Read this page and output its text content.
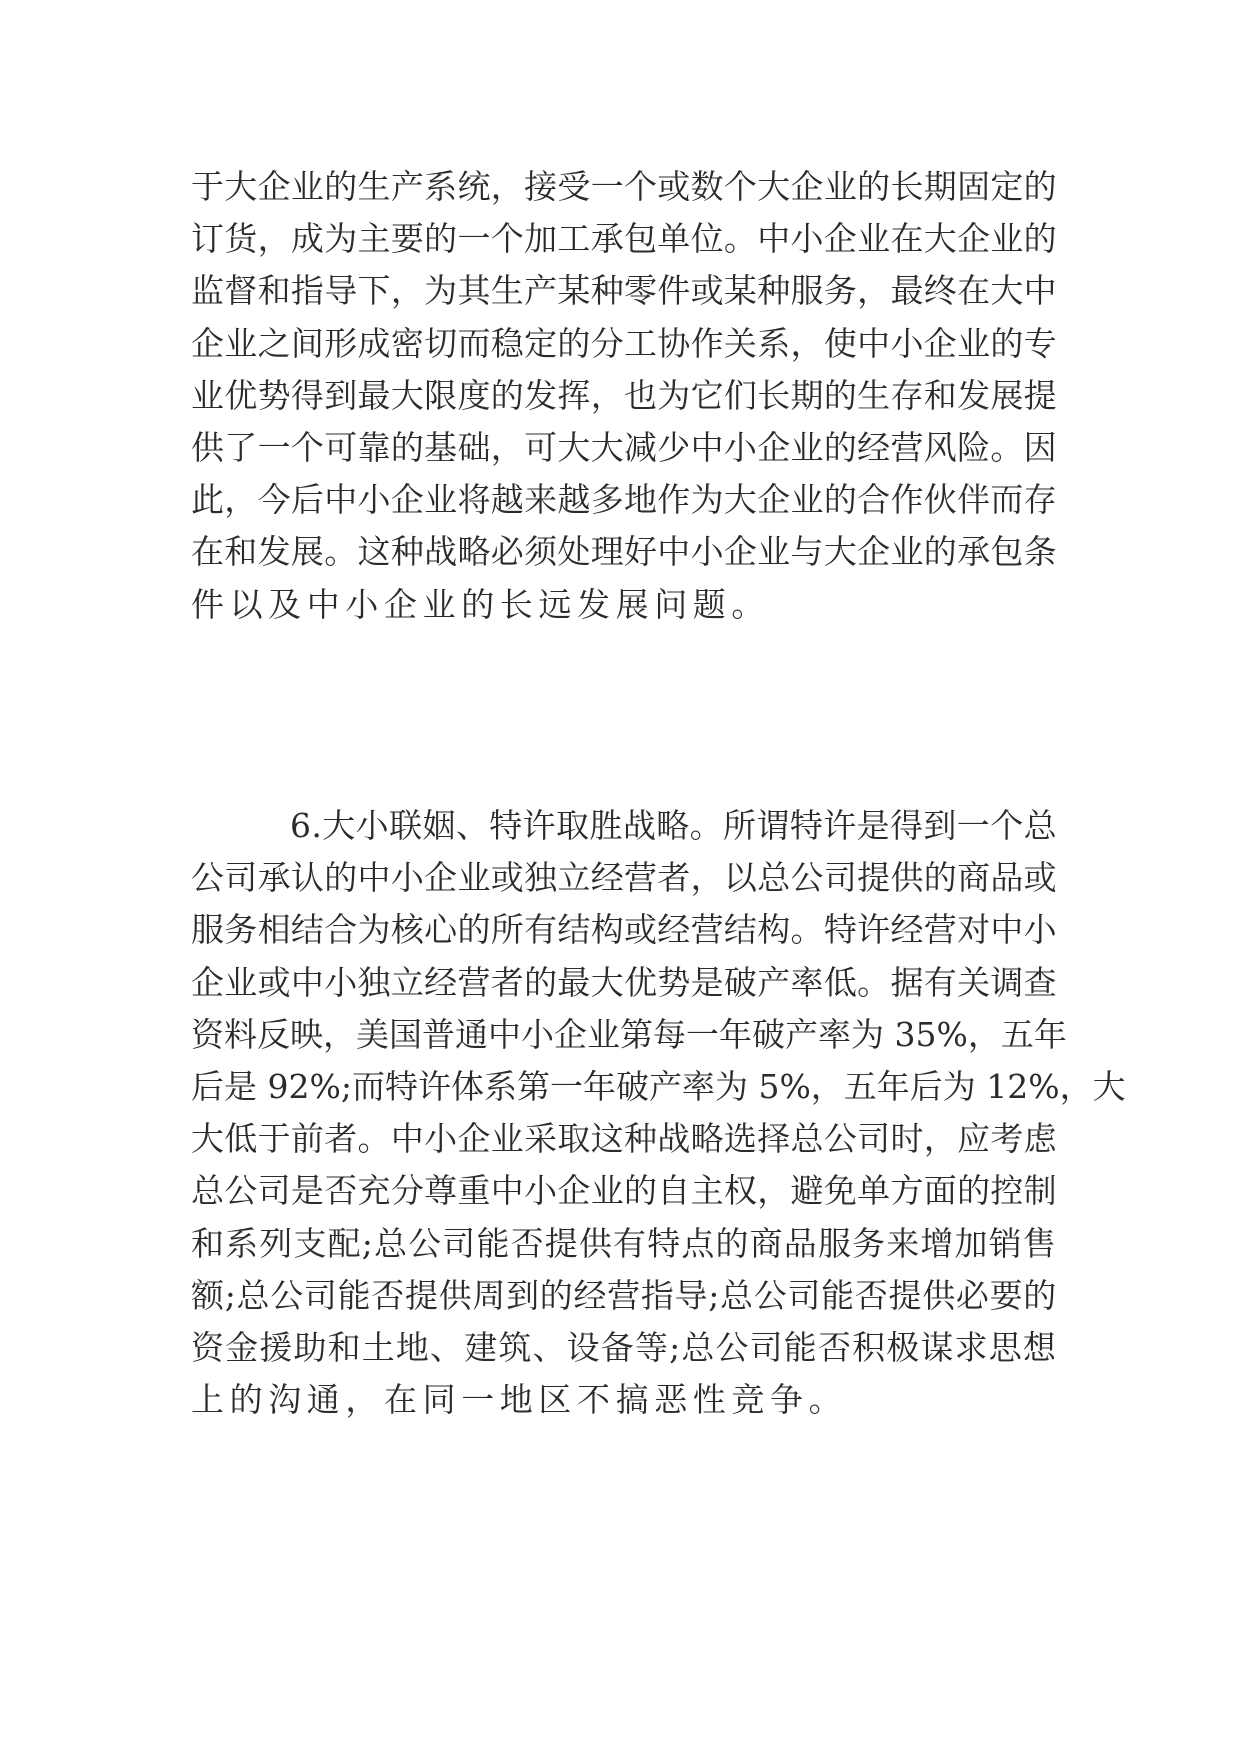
于大企业的生产系统，接受一个或数个大企业的长期固定的
订货，成为主要的一个加工承包单位。中小企业在大企业的
监督和指导下，为其生产某种零件或某种服务，最终在大中
企业之间形成密切而稳定的分工协作关系，使中小企业的专
业优势得到最大限度的发挥，也为它们长期的生存和发展提
供了一个可靠的基础，可大大减少中小企业的经营风险。因
此，今后中小企业将越来越多地作为大企业的合作伙伴而存
在和发展。这种战略必须处理好中小企业与大企业的承包条
件以及中小企业的长远发展问题。
6.大小联姻、特许取胜战略。所谓特许是得到一个总
公司承认的中小企业或独立经营者，以总公司提供的商品或
服务相结合为核心的所有结构或经营结构。特许经营对中小
企业或中小独立经营者的最大优势是破产率低。据有关调查
资料反映，美国普通中小企业第每一年破产率为 35%，五年
后是 92%;而特许体系第一年破产率为 5%，五年后为 12%，大
大低于前者。中小企业采取这种战略选择总公司时，应考虑
总公司是否充分尊重中小企业的自主权，避免单方面的控制
和系列支配;总公司能否提供有特点的商品服务来增加销售
额;总公司能否提供周到的经营指导;总公司能否提供必要的
资金援助和土地、建筑、设备等;总公司能否积极谋求思想
上的沟通，在同一地区不搞恶性竞争。
